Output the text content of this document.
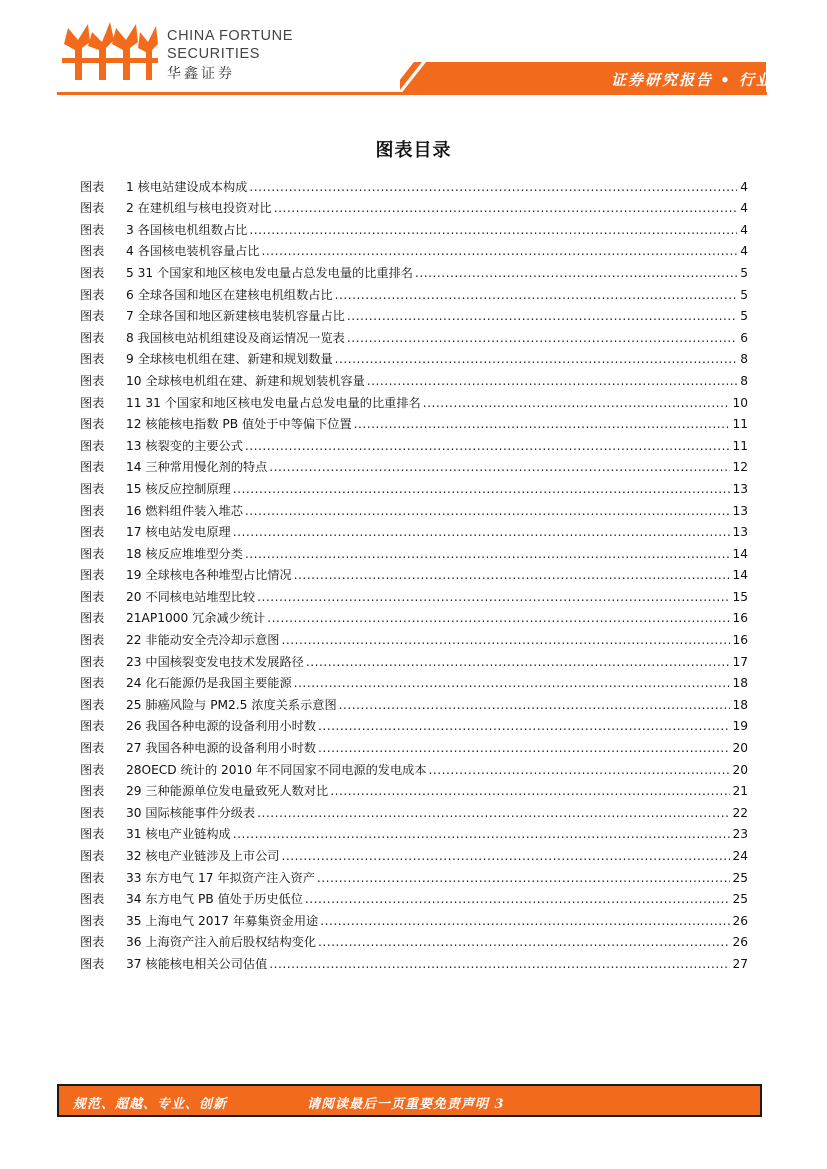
CHINA FORTUNE
SECURITIES
华鑫证券	证券研究报告 • 行业报告
图表目录
图表	1 核电站建设成本构成 .....	4
图表	2 在建机组与核电投资对比 .....	4
图表	3 各国核电机组数占比 .....	4
图表	4 各国核电装机容量占比 .....	4
图表	5 31 个国家和地区核电发电量占总发电量的比重排名 .....	5
图表	6 全球各国和地区在建核电机组数占比 .....	5
图表	7 全球各国和地区新建核电装机容量占比 .....	5
图表	8 我国核电站机组建设及商运情况一览表 .....	6
图表	9 全球核电机组在建、新建和规划数量 .....	8
图表	10 全球核电机组在建、新建和规划装机容量 .....	8
图表	11 31 个国家和地区核电发电量占总发电量的比重排名 .....	10
图表	12 核能核电指数 PB 值处于中等偏下位置 .....	11
图表	13 核裂变的主要公式 .....	11
图表	14 三种常用慢化剂的特点 .....	12
图表	15 核反应控制原理 .....	13
图表	16 燃料组件装入堆芯 .....	13
图表	17 核电站发电原理 .....	13
图表	18 核反应堆堆型分类 .....	14
图表	19 全球核电各种堆型占比情况 .....	14
图表	20 不同核电站堆型比较 .....	15
图表	21AP1000 冗余减少统计 .....	16
图表	22 非能动安全壳冷却示意图 .....	16
图表	23 中国核裂变发电技术发展路径 .....	17
图表	24 化石能源仍是我国主要能源 .....	18
图表	25 肺癌风险与 PM2.5 浓度关系示意图 .....	18
图表	26 我国各种电源的设备利用小时数 .....	19
图表	27 我国各种电源的设备利用小时数 .....	20
图表	28OECD 统计的 2010 年不同国家不同电源的发电成本 .....	20
图表	29 三种能源单位发电量致死人数对比 .....	21
图表	30 国际核能事件分级表 .....	22
图表	31 核电产业链构成 .....	23
图表	32 核电产业链涉及上市公司 .....	24
图表	33 东方电气 17 年拟资产注入资产 .....	25
图表	34 东方电气 PB 值处于历史低位 .....	25
图表	35 上海电气 2017 年募集资金用途 .....	26
图表	36 上海资产注入前后股权结构变化 .....	26
图表	37 核能核电相关公司估值 .....	27
规范、超越、专业、创新	请阅读最后一页重要免责声明 3
